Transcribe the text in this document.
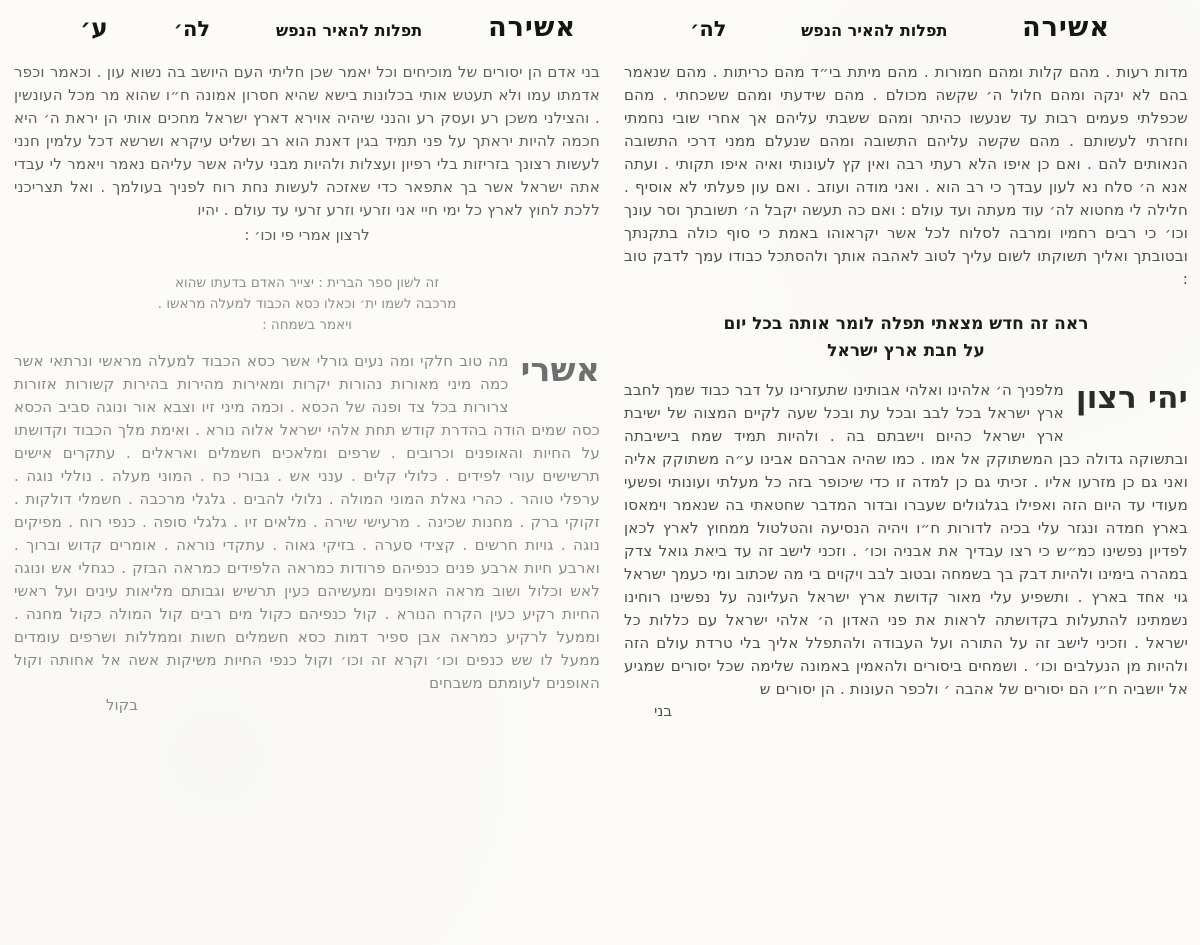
אשירה
תפלות להאיר הנפש
לה׳
ע׳
בני אדם הן יסורים של מוכיחים וכל יאמר שכן חליתי העם היושב בה נשוא עון . וכאמר וכפר אדמתו עמו ולא תעטש אותי בכלונות בישא שהיא חסרון אמונה ח״ו שהוא מר מכל העונשין . והצילני משכן רע ועסק רע והנני שיהיה אוירא דארץ ישראל מחכים אותי הן יראת ה׳ היא חכמה להיות יראתך על פני תמיד בגין דאנת הוא רב ושליט עיקרא ושרשא דכל עלמין חנני לעשות רצונך בזריזות בלי רפיון ועצלות ולהיות מבני עליה אשר עליהם נאמר ויאמר לי עבדי אתה ישראל אשר בך אתפאר כדי שאזכה לעשות נחת רוח לפניך בעולמך . ואל תצריכני ללכת לחוץ לארץ כל ימי חיי אני וזרעי וזרע זרעי עד עולם . יהיו
לרצון אמרי פי וכו׳ :
זה לשון ספר הברית : יצייר האדם בדעתו שהוא
מרכבה לשמו ית׳ וכאלו כסא הכבוד למעלה מראשו .
ויאמר בשמחה :
אשרי
מה טוב חלקי ומה נעים גורלי אשר כסא הכבוד למעלה מראשי ונרתאי אשר כמה מיני מאורות נהורות יקרות ומאירות מהירות בהירות קשורות אזורות צרורות בכל צד ופנה של הכסא . וכמה מיני זיו וצבא אור ונוגה סביב הכסא כסה שמים הודה בהדרת קודש תחת אלהי ישראל אלוה נורא . ואימת מלך הכבוד וקדושתו על החיות והאופנים וכרובים . שרפים ומלאכים חשמלים ואראלים . עתקרים אישים תרשישים עורי לפידים . כלולי קלים . ענני אש . גבורי כח . המוני מעלה . נוללי נוגה . ערפלי טוהר . כהרי גאלת המוני המולה . נלולי להבים . גלגלי מרכבה . חשמלי דולקות . זקוקי ברק . מחנות שכינה . מרעישי שירה . מלאים זיו . גלגלי סופה . כנפי רוח . מפיקים נוגה . גויות חרשים . קצידי סערה . בזיקי גאוה . עתקדי נוראה . אומרים קדוש וברוך . וארבע חיות ארבע פנים כנפיהם פרודות כמראה הלפידים כמראה הבזק . כגחלי אש ונוגה לאש וכלול ושוב מראה האופנים ומעשיהם כעין תרשיש וגבותם מליאות עינים ועל ראשי החיות רקיע כעין הקרח הנורא . קול כנפיהם כקול מים רבים קול המולה כקול מחנה . וממעל לרקיע כמראה אבן ספיר דמות כסא חשמלים חשות וממללות ושרפים עומדים ממעל לו שש כנפים וכו׳ וקרא זה וכו׳ וקול כנפי החיות משיקות אשה אל אחותה וקול האופנים לעומתם משבחים
בקול
אשירה
תפלות להאיר הנפש
לה׳
מדות רעות . מהם קלות ומהם חמורות . מהם מיתת בי״ד מהם כריתות . מהם שנאמר בהם לא ינקה ומהם חלול ה׳ שקשה מכולם . מהם שידעתי ומהם ששכחתי . מהם שכפלתי פעמים רבות עד שנעשו כהיתר ומהם ששבתי עליהם אך אחרי שובי נחמתי וחזרתי לעשותם . מהם שקשה עליהם התשובה ומהם שנעלם ממני דרכי התשובה הנאותים להם . ואם כן איפו הלא רעתי רבה ואין קץ לעונותי ואיה איפו תקותי . ועתה אנא ה׳ סלח נא לעון עבדך כי רב הוא . ואני מודה ועוזב . ואם עון פעלתי לא אוסיף . חלילה לי מחטוא לה׳ עוד מעתה ועד עולם : ואם כה תעשה יקבל ה׳ תשובתך וסר עונך וכו׳ כי רבים רחמיו ומרבה לסלוח לכל אשר יקראוהו באמת כי סוף כולה בתקנתך ובטובתך ואליך תשוקתו לשום עליך לטוב לאהבה אותך ולהסתכל כבודו עמך לדבק טוב :
ראה זה חדש מצאתי תפלה לומר אותה בכל יום
על חבת ארץ ישראל
יהי רצון
מלפניך ה׳ אלהינו ואלהי אבותינו שתעזרינו על דבר כבוד שמך לחבב ארץ ישראל בכל לבב ובכל עת ובכל שעה לקיים המצוה של ישיבת ארץ ישראל כהיום וישבתם בה . ולהיות תמיד שמח בישיבתה ובתשוקה גדולה כבן המשתוקק אל אמו . כמו שהיה אברהם אבינו ע״ה משתוקק אליה ואני גם כן מזרעו אליו . זכיתי גם כן למדה זו כדי שיכופר בזה כל מעלתי ועונותי ופשעי מעודי עד היום הזה ואפילו בגלגולים שעברו ובדור המדבר שחטאתי בה שנאמר וימאסו בארץ חמדה ונגזר עלי בכיה לדורות ח״ו ויהיה הנסיעה והטלטול ממחוץ לארץ לכאן לפדיון נפשינו כמ״ש כי רצו עבדיך את אבניה וכו׳ . וזכני לישב זה עד ביאת גואל צדק במהרה בימינו ולהיות דבק בך בשמחה ובטוב לבב ויקוים בי מה שכתוב ומי כעמך ישראל גוי אחד בארץ . ותשפיע עלי מאור קדושת ארץ ישראל העליונה על נפשינו רוחינו נשמתינו להתעלות בקדושתה לראות את פני האדון ה׳ אלהי ישראל עם כללות כל ישראל . וזכיני לישב זה על התורה ועל העבודה ולהתפלל אליך בלי טרדת עולם הזה ולהיות מן הנעלבים וכו׳ . ושמחים ביסורים ולהאמין באמונה שלימה שכל יסורים שמגיע אל יושביה ח״ו הם יסורים של אהבה ׳ ולכפר העונות . הן יסורים ש
בני
